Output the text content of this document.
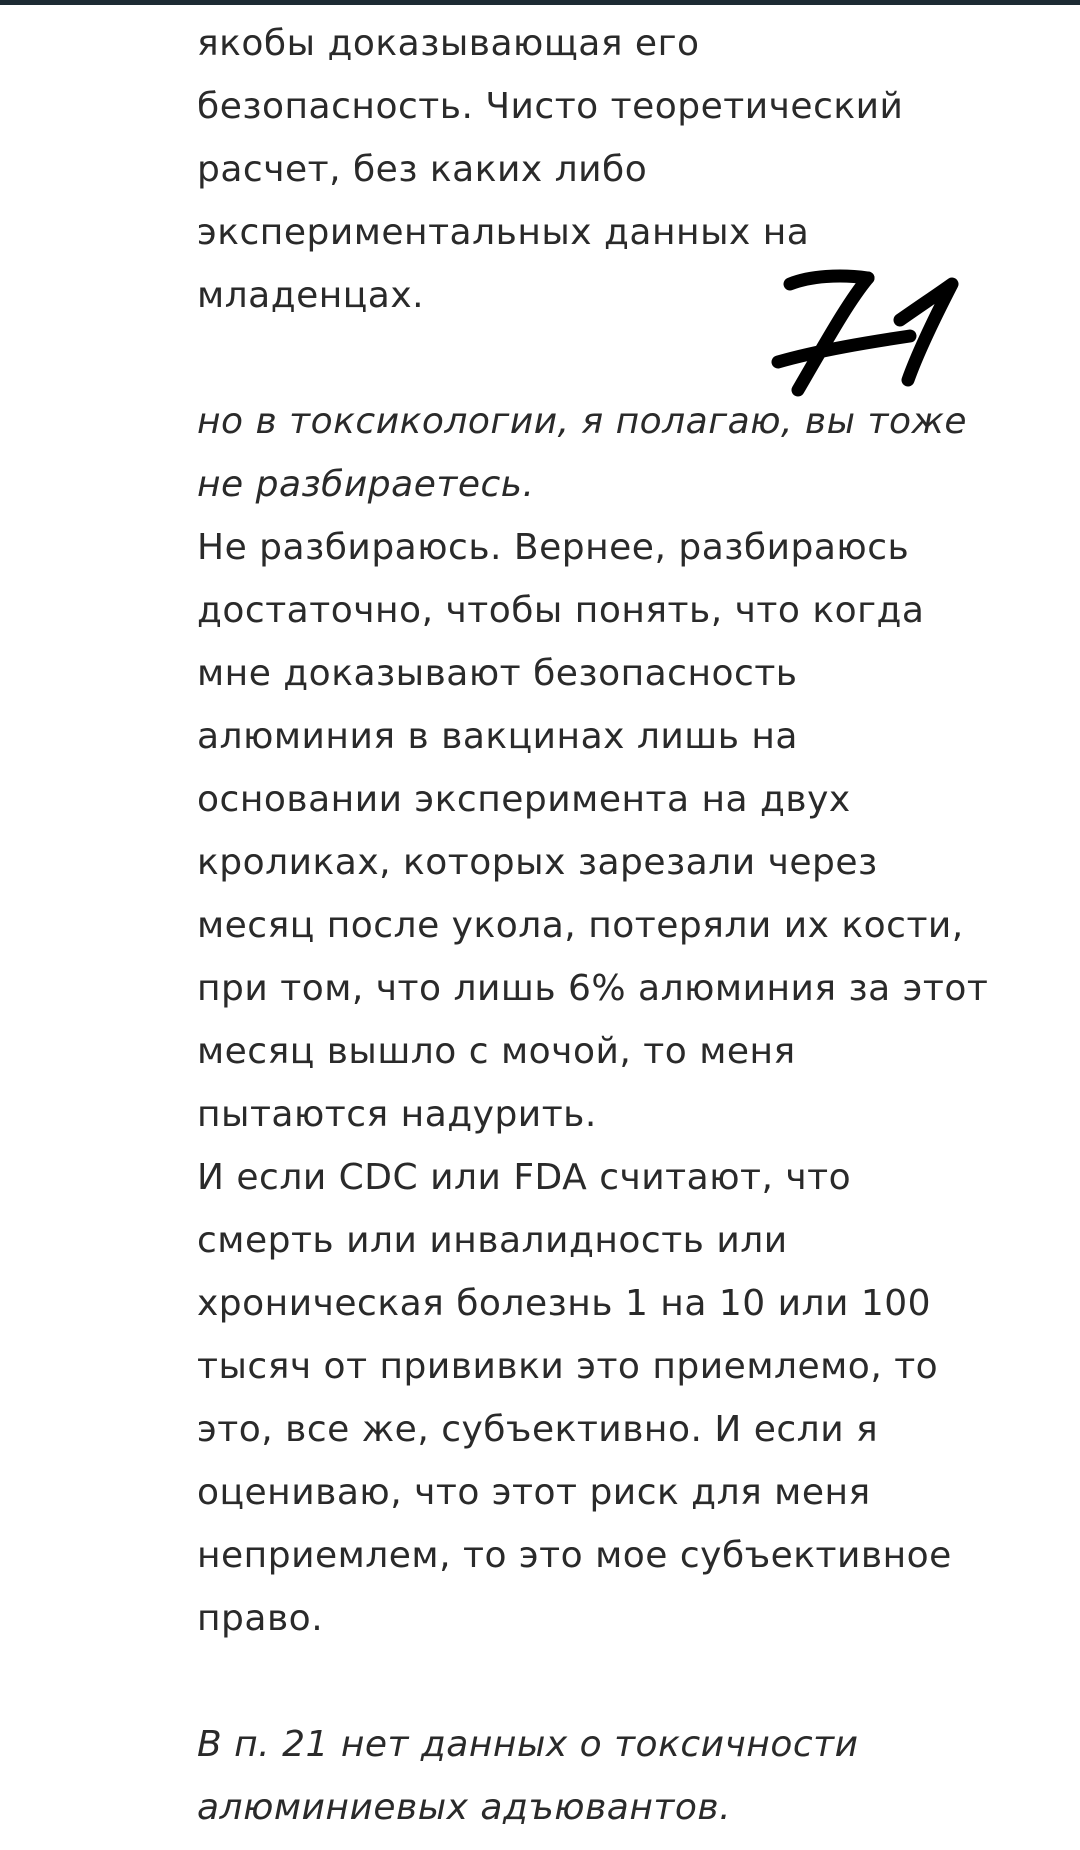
якобы доказывающая его
безопасность. Чисто теоретический
расчет, без каких либо
экспериментальных данных на
младенцах.
но в токсикологии, я полагаю, вы тоже
не разбираетесь.
Не разбираюсь. Вернее, разбираюсь
достаточно, чтобы понять, что когда
мне доказывают безопасность
алюминия в вакцинах лишь на
основании эксперимента на двух
кроликах, которых зарезали через
месяц после укола, потеряли их кости,
при том, что лишь 6% алюминия за этот
месяц вышло с мочой, то меня
пытаются надурить.
И если CDC или FDA считают, что
смерть или инвалидность или
хроническая болезнь 1 на 10 или 100
тысяч от прививки это приемлемо, то
это, все же, субъективно. И если я
оцениваю, что этот риск для меня
неприемлем, то это мое субъективное
право.
В п. 21 нет данных о токсичности
алюминиевых адъювантов.
